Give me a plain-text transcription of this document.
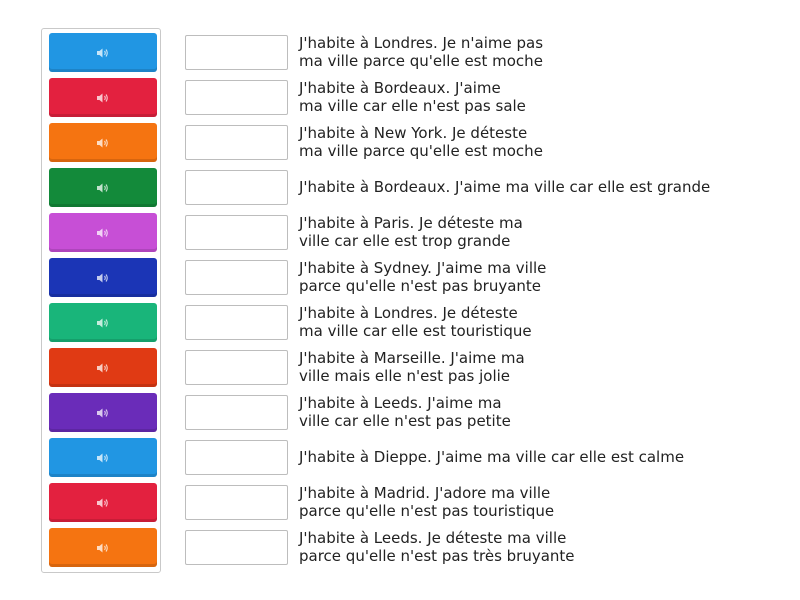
J'habite à Londres. Je n'aime pas
ma ville parce qu'elle est moche
J'habite à Bordeaux. J'aime
ma ville car elle n'est pas sale
J'habite à New York. Je déteste
ma ville parce qu'elle est moche
J'habite à Bordeaux. J'aime ma ville car elle est grande
J'habite à Paris. Je déteste ma
ville car elle est trop grande
J'habite à Sydney. J'aime ma ville
parce qu'elle n'est pas bruyante
J'habite à Londres. Je déteste
ma ville car elle est touristique
J'habite à Marseille. J'aime ma
ville mais elle n'est pas jolie
J'habite à Leeds. J'aime ma
ville car elle n'est pas petite
J'habite à Dieppe. J'aime ma ville car elle est calme
J'habite à Madrid. J'adore ma ville
parce qu'elle n'est pas touristique
J'habite à Leeds. Je déteste ma ville
parce qu'elle n'est pas très bruyante
